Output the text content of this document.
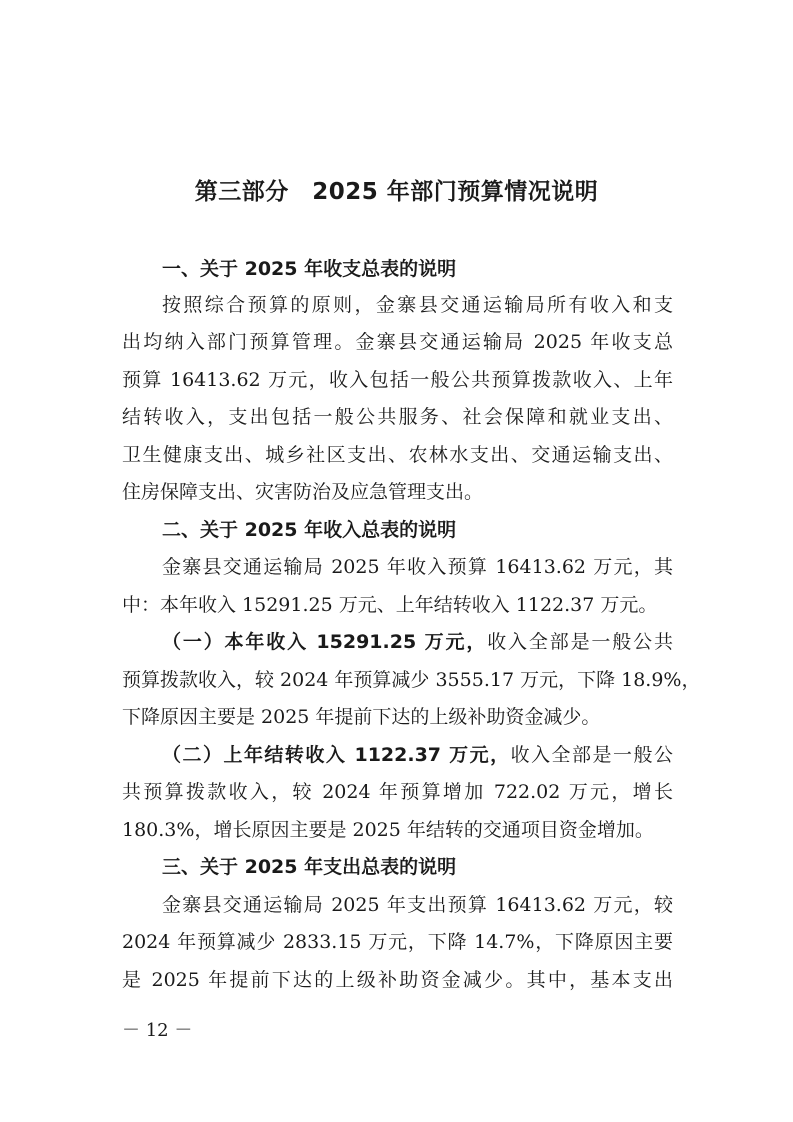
第三部分　2025 年部门预算情况说明
一、关于 2025 年收支总表的说明
按照综合预算的原则，金寨县交通运输局所有收入和支
出均纳入部门预算管理。金寨县交通运输局 2025 年收支总
预算 16413.62 万元，收入包括一般公共预算拨款收入、上年
结转收入，支出包括一般公共服务、社会保障和就业支出、
卫生健康支出、城乡社区支出、农林水支出、交通运输支出、
住房保障支出、灾害防治及应急管理支出。
二、关于 2025 年收入总表的说明
金寨县交通运输局 2025 年收入预算 16413.62 万元，其
中：本年收入 15291.25 万元、上年结转收入 1122.37 万元。
（一）本年收入 15291.25 万元，收入全部是一般公共
预算拨款收入，较 2024 年预算减少 3555.17 万元，下降 18.9%，
下降原因主要是 2025 年提前下达的上级补助资金减少。
（二）上年结转收入 1122.37 万元，收入全部是一般公
共预算拨款收入，较 2024 年预算增加 722.02 万元，增长
180.3%，增长原因主要是 2025 年结转的交通项目资金增加。
三、关于 2025 年支出总表的说明
金寨县交通运输局 2025 年支出预算 16413.62 万元，较
2024 年预算减少 2833.15 万元，下降 14.7%，下降原因主要
是 2025 年提前下达的上级补助资金减少。其中，基本支出
－ 12 －
